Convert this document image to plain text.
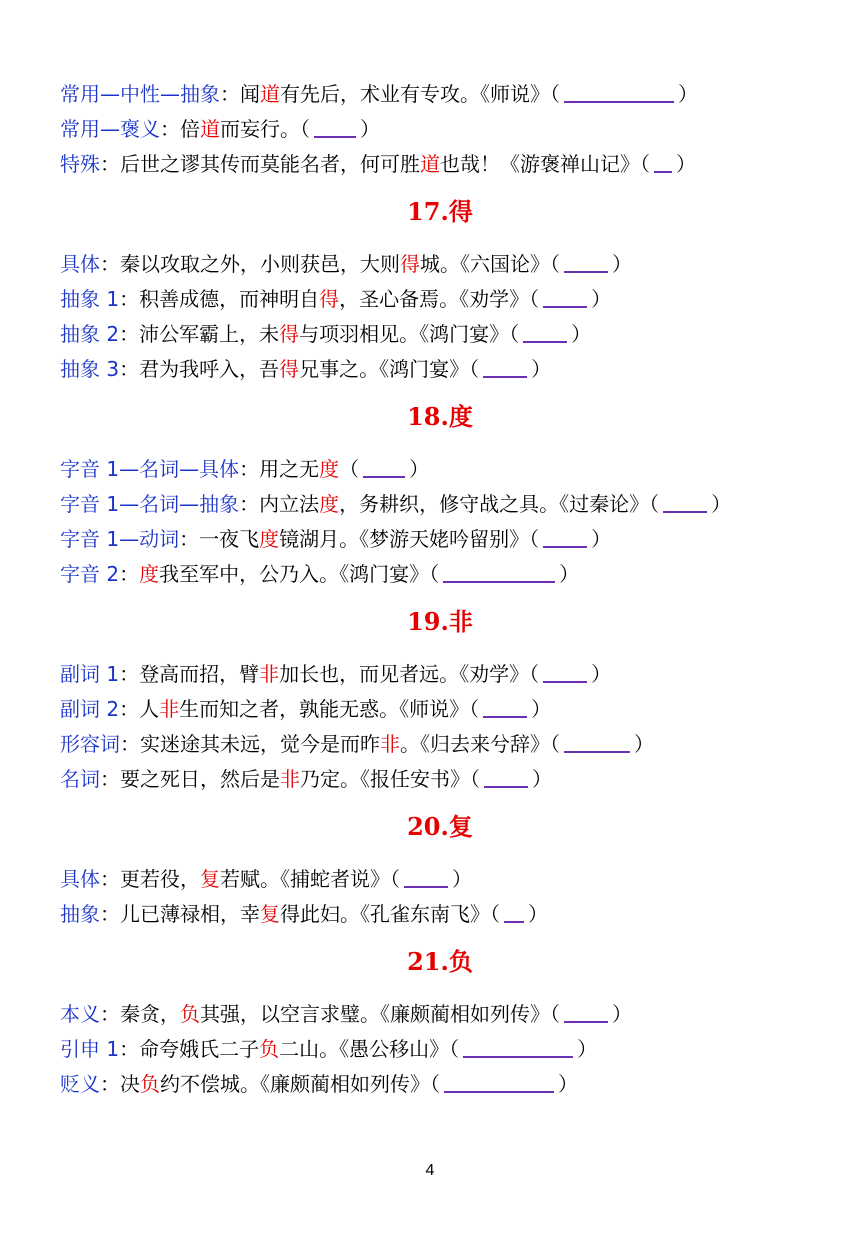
常用—中性—抽象：闻道有先后，术业有专攻。《师说》（	）
常用—褒义：倍道而妄行。（	）
特殊：后世之谬其传而莫能名者，何可胜道也哉！《游褒禅山记》（ ）
17.得
具体：秦以攻取之外，小则获邑，大则得城。《六国论》（	）
抽象 1：积善成德，而神明自得，圣心备焉。《劝学》（	）
抽象 2：沛公军霸上，未得与项羽相见。《鸿门宴》（	）
抽象 3：君为我呼入，吾得兄事之。《鸿门宴》（	）
18.度
字音 1—名词—具体：用之无度（	）
字音 1—名词—抽象：内立法度，务耕织，修守战之具。《过秦论》（	）
字音 1—动词：一夜飞度镜湖月。《梦游天姥吟留别》（	）
字音 2：度我至军中，公乃入。《鸿门宴》（	）
19.非
副词 1：登高而招，臂非加长也，而见者远。《劝学》（	）
副词 2：人非生而知之者，孰能无惑。《师说》（	）
形容词：实迷途其未远，觉今是而昨非。《归去来兮辞》（	）
名词：要之死日，然后是非乃定。《报任安书》（	）
20.复
具体：更若役，复若赋。《捕蛇者说》（	）
抽象：儿已薄禄相，幸复得此妇。《孔雀东南飞》（ ）
21.负
本义：秦贪，负其强，以空言求璧。《廉颇蔺相如列传》（	）
引申 1：命夸娥氏二子负二山。《愚公移山》（	）
贬义：决负约不偿城。《廉颇蔺相如列传》（	）
4
